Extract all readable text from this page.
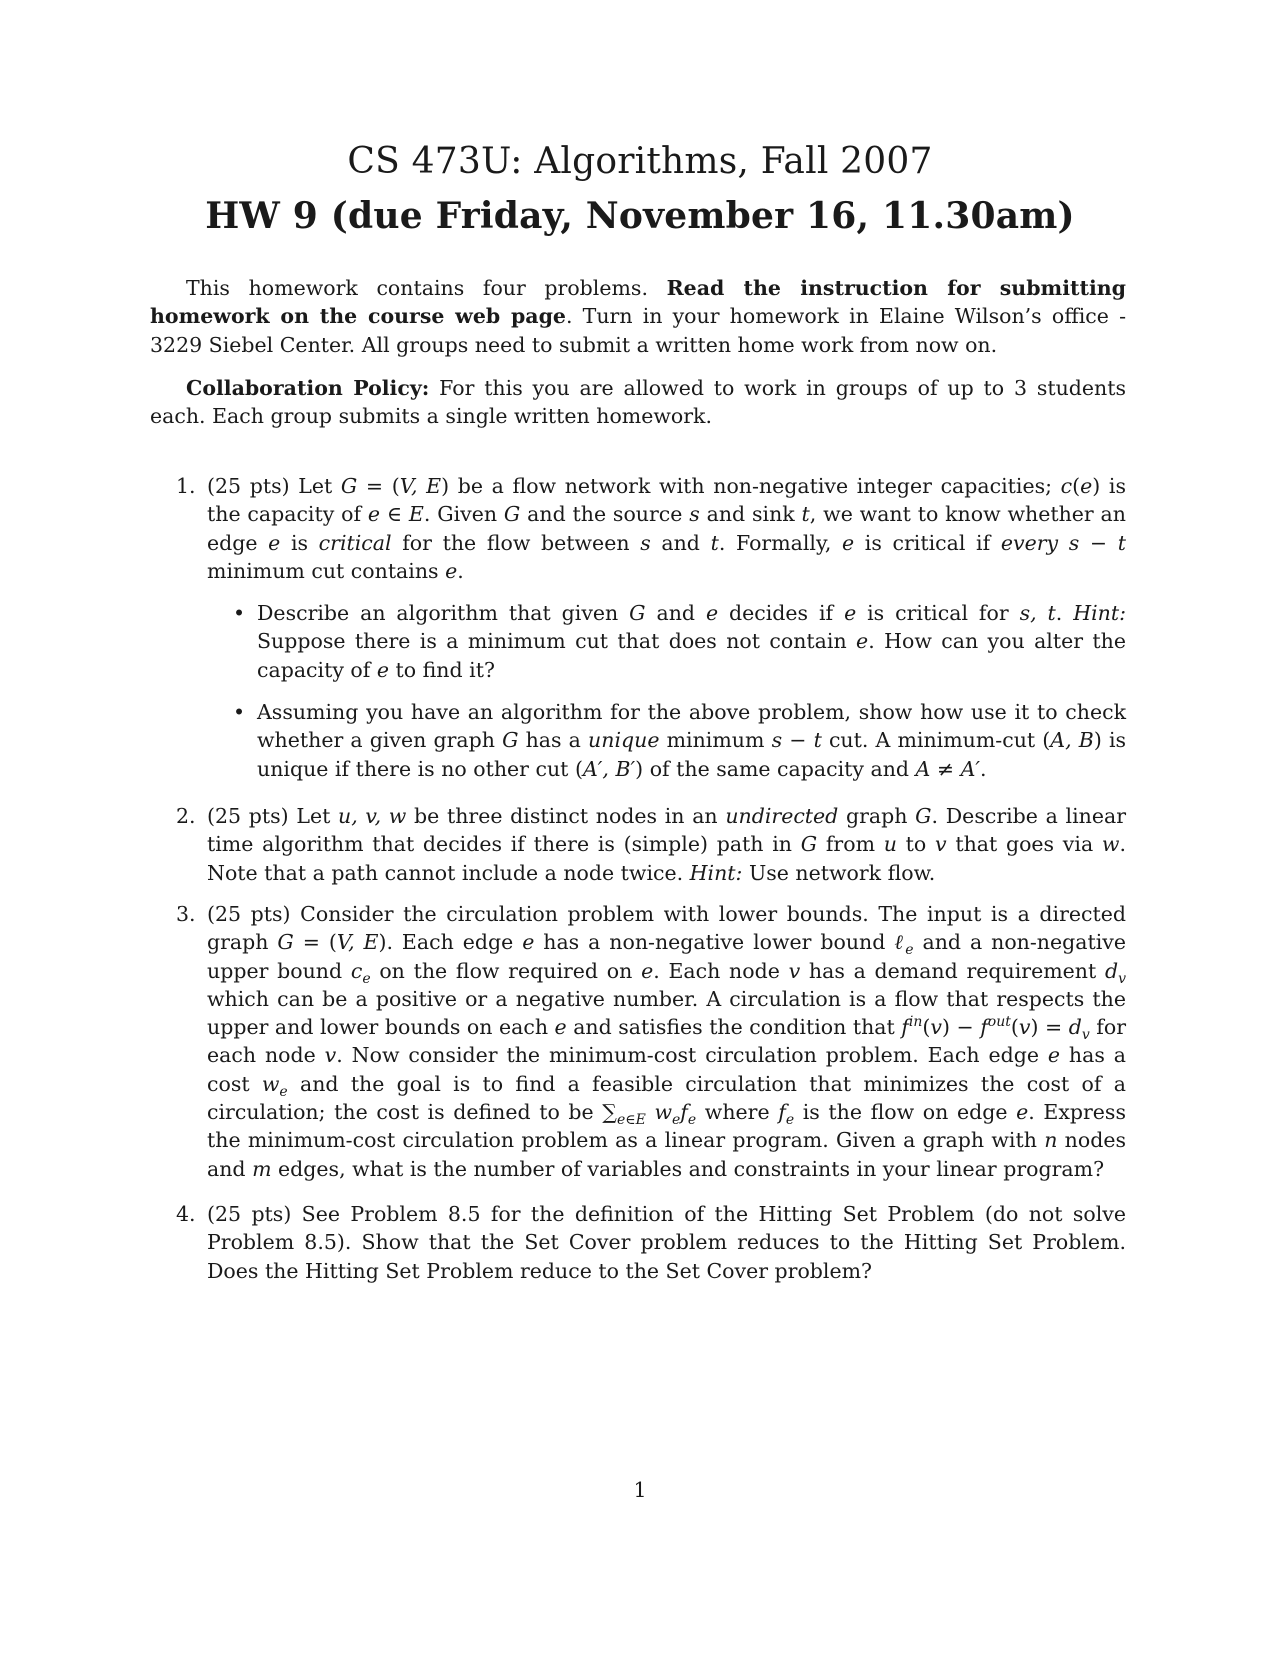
CS 473U: Algorithms, Fall 2007
HW 9 (due Friday, November 16, 11.30am)

This homework contains four problems. Read the instruction for submitting homework on the course web page. Turn in your homework in Elaine Wilson’s office - 3229 Siebel Center. All groups need to submit a written home work from now on.

Collaboration Policy: For this you are allowed to work in groups of up to 3 students each. Each group submits a single written homework.

1. (25 pts) Let G = (V, E) be a flow network with non-negative integer capacities; c(e) is the capacity of e ∈ E. Given G and the source s and sink t, we want to know whether an edge e is critical for the flow between s and t. Formally, e is critical if every s − t minimum cut contains e.
• Describe an algorithm that given G and e decides if e is critical for s, t. Hint: Suppose there is a minimum cut that does not contain e. How can you alter the capacity of e to find it?
• Assuming you have an algorithm for the above problem, show how use it to check whether a given graph G has a unique minimum s − t cut. A minimum-cut (A, B) is unique if there is no other cut (A′, B′) of the same capacity and A ≠ A′.
2. (25 pts) Let u, v, w be three distinct nodes in an undirected graph G. Describe a linear time algorithm that decides if there is (simple) path in G from u to v that goes via w. Note that a path cannot include a node twice. Hint: Use network flow.
3. (25 pts) Consider the circulation problem with lower bounds. The input is a directed graph G = (V, E). Each edge e has a non-negative lower bound ℓ$_e$ and a non-negative upper bound $c_e$ on the flow required on e. Each node v has a demand requirement $d_v$ which can be a positive or a negative number. A circulation is a flow that respects the upper and lower bounds on each e and satisfies the condition that $f^{in}(v) - f^{out}(v) = d_v$ for each node v. Now consider the minimum-cost circulation problem. Each edge e has a cost $w_e$ and the goal is to find a feasible circulation that minimizes the cost of a circulation; the cost is defined to be $\sum_{e\in E}$ $w_ef_e$ where $f_e$ is the flow on edge e. Express the minimum-cost circulation problem as a linear program. Given a graph with n nodes and m edges, what is the number of variables and constraints in your linear program?
4. (25 pts) See Problem 8.5 for the definition of the Hitting Set Problem (do not solve Problem 8.5). Show that the Set Cover problem reduces to the Hitting Set Problem. Does the Hitting Set Problem reduce to the Set Cover problem?
1
